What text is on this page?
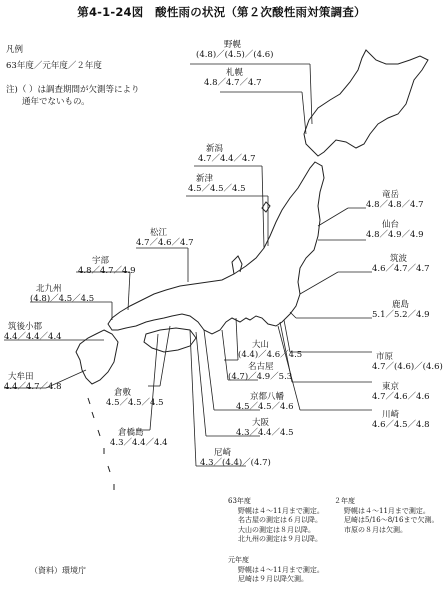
第4-1-24図　酸性雨の状況（第２次酸性雨対策調査）
凡例
63年度／元年度／２年度
注)（ ）は調査期間が欠測等により
通年でないもの。
野幌
(4.8)／(4.5)／(4.6)
札幌
4.8／4.7／4.7
新潟
4.7／4.4／4.7
新津
4.5／4.5／4.5
竜岳
4.8／4.8／4.7
仙台
4.8／4.9／4.9
松江
4.7／4.6／4.7
宇部
4.8／4.7／4.9
北九州
(4.8)／4.5／4.5
筑後小郡
4.4／4.4／4.4
大牟田
4.4／4.7／4.8
筑波
4.6／4.7／4.7
鹿島
5.1／5.2／4.9
大山
(4.4)／4.6／4.5
名古屋
(4.7)／4.9／5.3
京都八幡
4.5／4.5／4.6
大阪
4.3／4.4／4.5
尼崎
4.3／(4.4)／(4.7)
倉敷
4.5／4.5／4.5
倉橋島
4.3／4.4／4.4
市原
4.7／(4.6)／(4.6)
東京
4.7／4.6／4.6
川崎
4.6／4.5／4.8
63年度
野幌は４～11月まで測定。
名古屋の測定は６月以降。
大山の測定は８月以降。
北九州の測定は９月以降。
２年度
野幌は４～11月まで測定。
尼崎は5/16～8/16まで欠測。
市原の８月は欠測。
元年度
野幌は４～11月まで測定。
尼崎は９月以降欠測。
（資料）環境庁
